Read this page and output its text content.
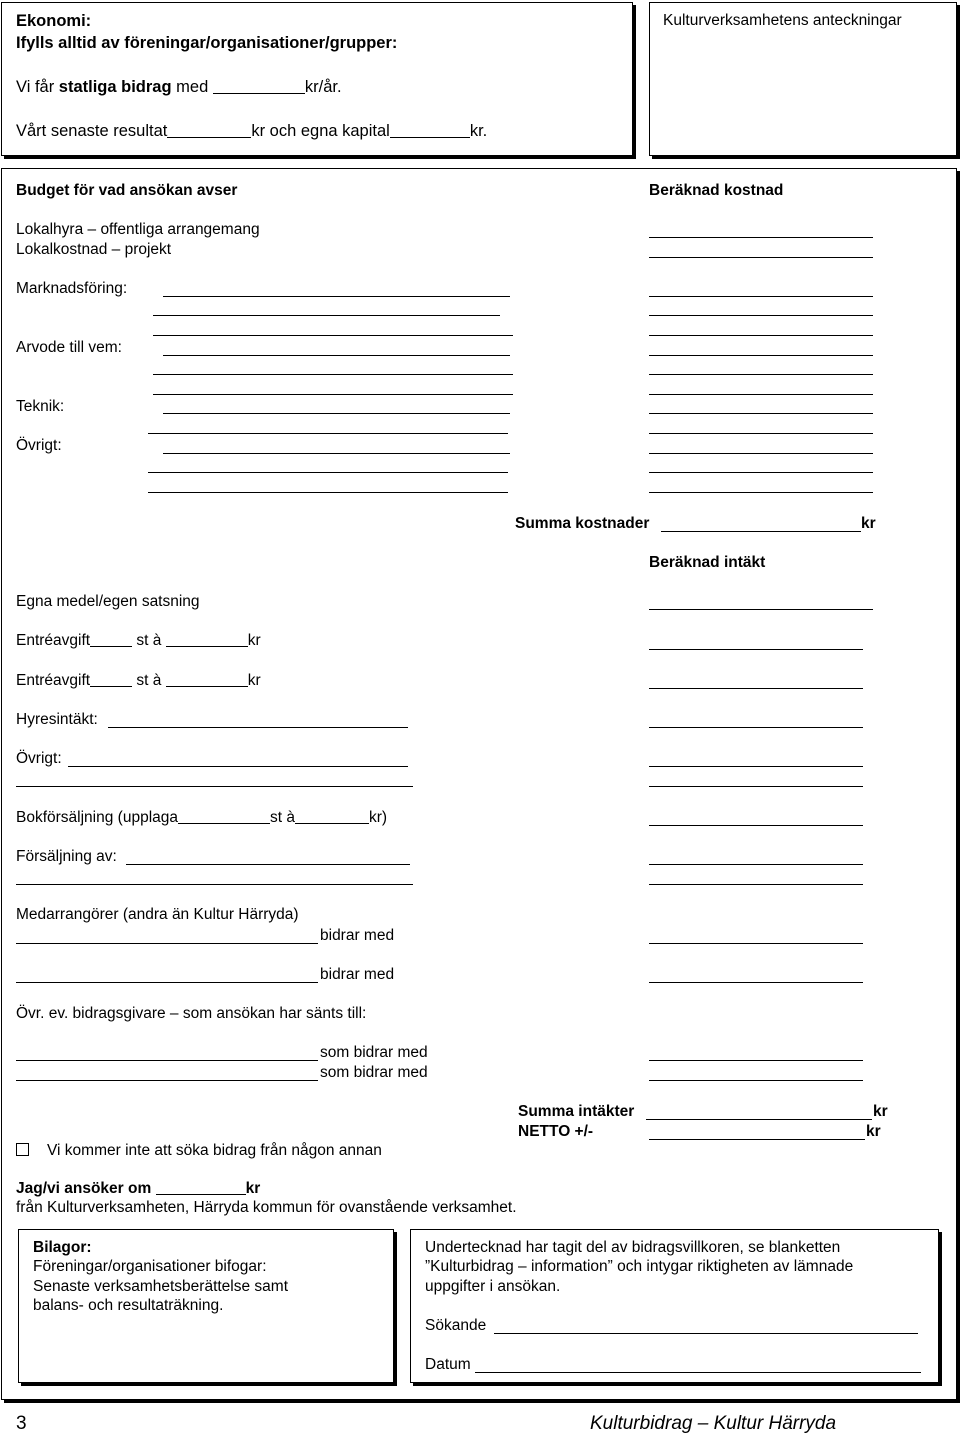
Ekonomi:
Ifylls alltid av föreningar/organisationer/grupper:
Vi får statliga bidrag med	kr/år.
Vårt senaste resultat	kr och egna kapital	kr.
Kulturverksamhetens anteckningar
Budget för vad ansökan avser	Beräknad kostnad
Lokalhyra – offentliga arrangemang
Lokalkostnad – projekt
Marknadsföring:
Arvode till vem:
Teknik:
Övrigt:
Summa kostnader	kr
Beräknad intäkt
Egna medel/egen satsning
Entréavgift	st à	kr
Entréavgift	st à	kr
Hyresintäkt:
Övrigt:
Bokförsäljning (upplaga	st à	kr)
Försäljning av:
Medarrangörer (andra än Kultur Härryda)
bidrar med
bidrar med
Övr. ev. bidragsgivare – som ansökan har sänts till:
som bidrar med
som bidrar med
Summa intäkter	kr
NETTO +/-	kr
Vi kommer inte att söka bidrag från någon annan
Jag/vi ansöker om	kr
från Kulturverksamheten, Härryda kommun för ovanstående verksamhet.
Bilagor:
Föreningar/organisationer bifogar:
Senaste verksamhetsberättelse samt
balans- och resultaträkning.
Undertecknad har tagit del av bidragsvillkoren, se blanketten
”Kulturbidrag – information” och intygar riktigheten av lämnade
uppgifter i ansökan.
Sökande
Datum
3	Kulturbidrag – Kultur Härryda
